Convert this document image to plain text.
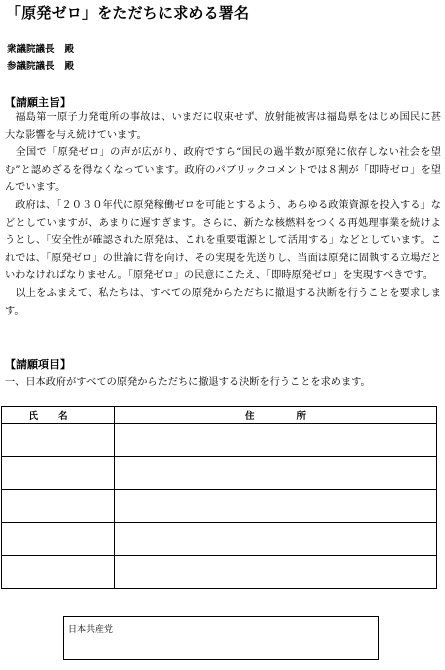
「原発ゼロ」をただちに求める署名
衆議院議長 殿
参議院議長 殿
【請願主旨】

　福島第一原子力発電所の事故は、いまだに収束せず、放射能被害は福島県をはじめ国民に甚大な影響を与え続けています。

　全国で「原発ゼロ」の声が広がり、政府ですら“国民の過半数が原発に依存しない社会を望む”と認めざるを得なくなっています。政府のパブリックコメントでは８割が「即時ゼロ」を望んでいます。

　政府は、「２０３０年代に原発稼働ゼロを可能とするよう、あらゆる政策資源を投入する」などとしていますが、あまりに遅すぎます。さらに、新たな核燃料をつくる再処理事業を続けようとし、「安全性が確認された原発は、これを重要電源として活用する」などとしています。これでは、「原発ゼロ」の世論に背を向け、その実現を先送りし、当面は原発に固執する立場だといわなければなりません。「原発ゼロ」の民意にこたえ、「即時原発ゼロ」を実現すべきです。

　以上をふまえて、私たちは、すべての原発からただちに撤退する決断を行うことを要求します。

【請願項目】
一、日本政府がすべての原発からただちに撤退する決断を行うことを求めます。
氏名	住所

日本共産党
